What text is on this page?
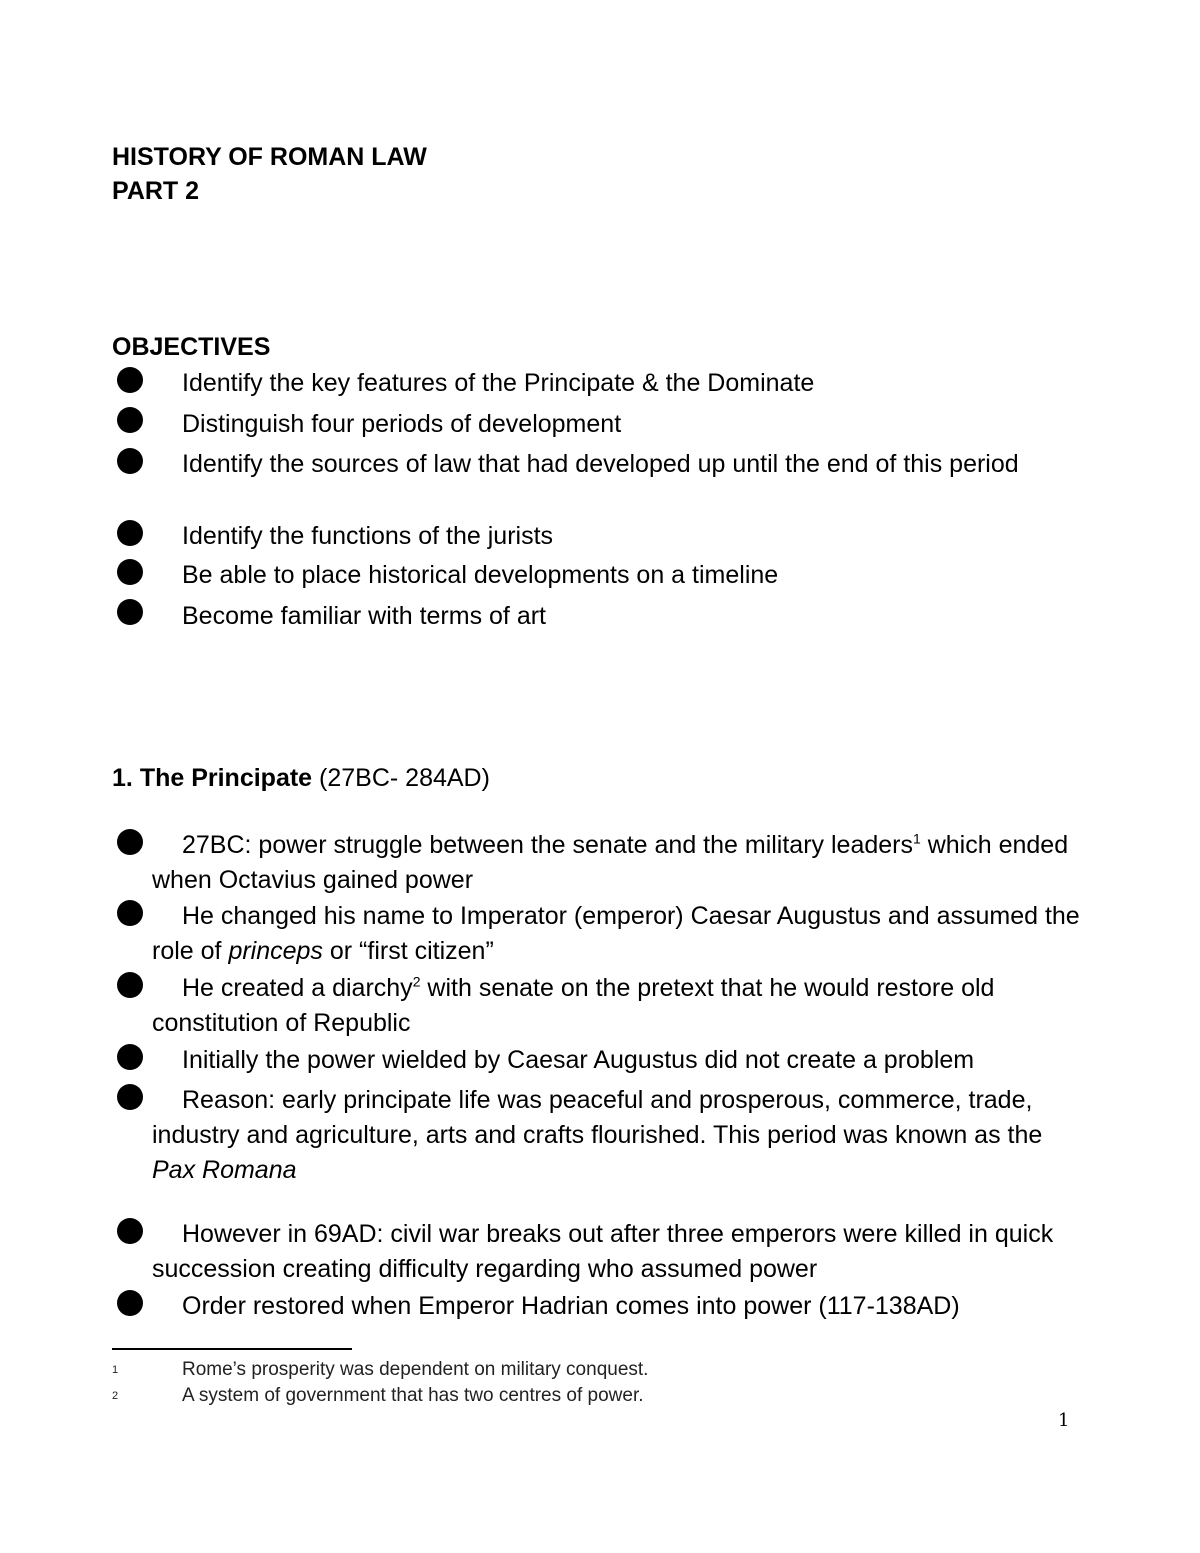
HISTORY OF ROMAN LAW
PART 2
OBJECTIVES
Identify the key features of the Principate & the Dominate
Distinguish four periods of development
Identify the sources of law that had developed up until the end of this period
Identify the functions of the jurists
Be able to place historical developments on a timeline
Become familiar with terms of art
1. The Principate (27BC- 284AD)
27BC: power struggle between the senate and the military leaders$^1$ which ended when Octavius gained power
He changed his name to Imperator (emperor) Caesar Augustus and assumed the role of princeps or “first citizen”
He created a diarchy$^2$ with senate on the pretext that he would restore old constitution of Republic
Initially the power wielded by Caesar Augustus did not create a problem
Reason: early principate life was peaceful and prosperous, commerce, trade, industry and agriculture, arts and crafts flourished. This period was known as the Pax Romana
However in 69AD: civil war breaks out after three emperors were killed in quick succession creating difficulty regarding who assumed power
Order restored when Emperor Hadrian comes into power (117-138AD)
1	Rome’s prosperity was dependent on military conquest.
2	A system of government that has two centres of power.
1
